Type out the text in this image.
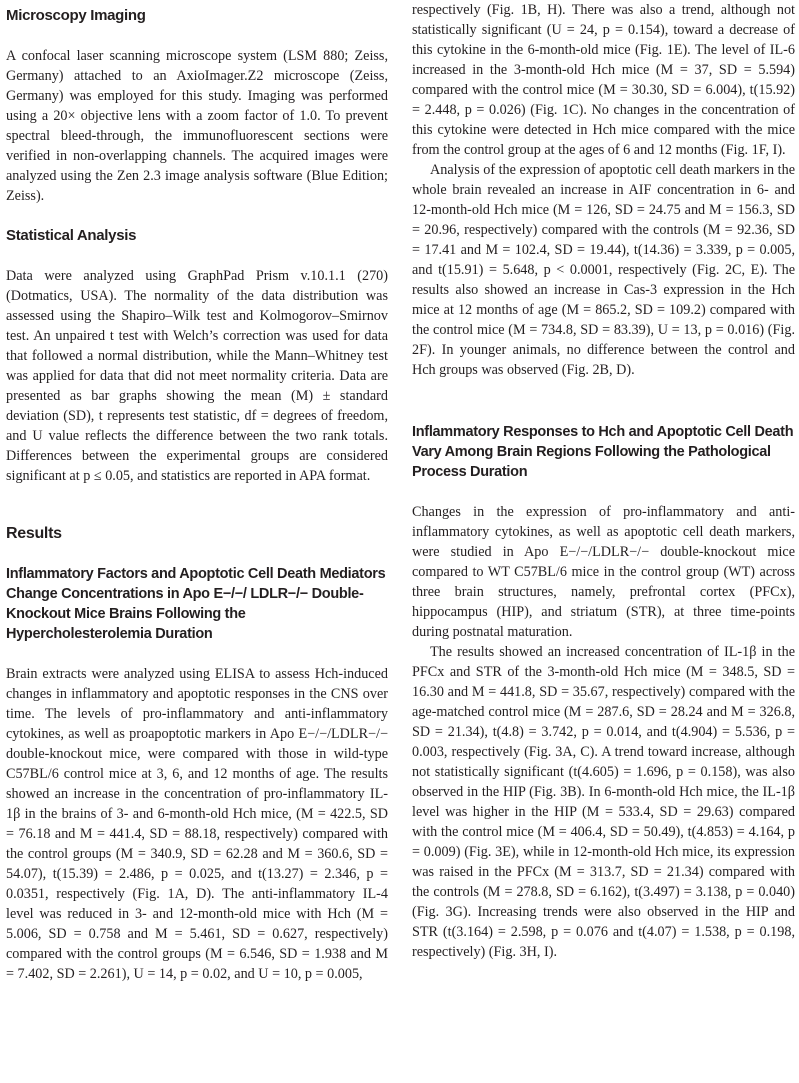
Microscopy Imaging

A confocal laser scanning microscope system (LSM 880; Zeiss, Germany) attached to an AxioImager.Z2 microscope (Zeiss, Germany) was employed for this study. Imaging was performed using a 20× objective lens with a zoom factor of 1.0. To prevent spectral bleed-through, the immunofluorescent sections were verified in non-overlapping channels. The acquired images were analyzed using the Zen 2.3 image analysis software (Blue Edition; Zeiss).

Statistical Analysis

Data were analyzed using GraphPad Prism v.10.1.1 (270) (Dotmatics, USA). The normality of the data distribution was assessed using the Shapiro–Wilk test and Kolmogorov–Smirnov test. An unpaired t test with Welch’s correction was used for data that followed a normal distribution, while the Mann–Whitney test was applied for data that did not meet normality criteria. Data are presented as bar graphs showing the mean (M) ± standard deviation (SD), t represents test statistic, df = degrees of freedom, and U value reflects the difference between the two rank totals. Differences between the experimental groups are considered significant at p ≤ 0.05, and statistics are reported in APA format.

Results
Inflammatory Factors and Apoptotic Cell Death Mediators Change Concentrations in Apo E−/−/ LDLR−/− Double-Knockout Mice Brains Following the Hypercholesterolemia Duration

Brain extracts were analyzed using ELISA to assess Hch-induced changes in inflammatory and apoptotic responses in the CNS over time. The levels of pro-inflammatory and anti-inflammatory cytokines, as well as proapoptotic markers in Apo E−/−/LDLR−/− double-knockout mice, were compared with those in wild-type C57BL/6 control mice at 3, 6, and 12 months of age. The results showed an increase in the concentration of pro-inflammatory IL-1β in the brains of 3- and 6-month-old Hch mice, (M = 422.5, SD = 76.18 and M = 441.4, SD = 88.18, respectively) compared with the control groups (M = 340.9, SD = 62.28 and M = 360.6, SD = 54.07), t(15.39) = 2.486, p = 0.025, and t(13.27) = 2.346, p = 0.0351, respectively (Fig. 1A, D). The anti-inflammatory IL-4 level was reduced in 3- and 12-month-old mice with Hch (M = 5.006, SD = 0.758 and M = 5.461, SD = 0.627, respectively) compared with the control groups (M = 6.546, SD = 1.938 and M = 7.402, SD = 2.261), U = 14, p = 0.02, and U = 10, p = 0.005,

respectively (Fig. 1B, H). There was also a trend, although not statistically significant (U = 24, p = 0.154), toward a decrease of this cytokine in the 6-month-old mice (Fig. 1E). The level of IL-6 increased in the 3-month-old Hch mice (M = 37, SD = 5.594) compared with the control mice (M = 30.30, SD = 6.004), t(15.92) = 2.448, p = 0.026) (Fig. 1C). No changes in the concentration of this cytokine were detected in Hch mice compared with the mice from the control group at the ages of 6 and 12 months (Fig. 1F, I).

Analysis of the expression of apoptotic cell death markers in the whole brain revealed an increase in AIF concentration in 6- and 12-month-old Hch mice (M = 126, SD = 24.75 and M = 156.3, SD = 20.96, respectively) compared with the controls (M = 92.36, SD = 17.41 and M = 102.4, SD = 19.44), t(14.36) = 3.339, p = 0.005, and t(15.91) = 5.648, p < 0.0001, respectively (Fig. 2C, E). The results also showed an increase in Cas-3 expression in the Hch mice at 12 months of age (M = 865.2, SD = 109.2) compared with the control mice (M = 734.8, SD = 83.39), U = 13, p = 0.016) (Fig. 2F). In younger animals, no difference between the control and Hch groups was observed (Fig. 2B, D).

Inflammatory Responses to Hch and Apoptotic Cell Death Vary Among Brain Regions Following the Pathological Process Duration

Changes in the expression of pro-inflammatory and anti-inflammatory cytokines, as well as apoptotic cell death markers, were studied in Apo E−/−/LDLR−/− double-knockout mice compared to WT C57BL/6 mice in the control group (WT) across three brain structures, namely, prefrontal cortex (PFCx), hippocampus (HIP), and striatum (STR), at three time-points during postnatal maturation.

The results showed an increased concentration of IL-1β in the PFCx and STR of the 3-month-old Hch mice (M = 348.5, SD = 16.30 and M = 441.8, SD = 35.67, respectively) compared with the age-matched control mice (M = 287.6, SD = 28.24 and M = 326.8, SD = 21.34), t(4.8) = 3.742, p = 0.014, and t(4.904) = 5.536, p = 0.003, respectively (Fig. 3A, C). A trend toward increase, although not statistically significant (t(4.605) = 1.696, p = 0.158), was also observed in the HIP (Fig. 3B). In 6-month-old Hch mice, the IL-1β level was higher in the HIP (M = 533.4, SD = 29.63) compared with the control mice (M = 406.4, SD = 50.49), t(4.853) = 4.164, p = 0.009) (Fig. 3E), while in 12-month-old Hch mice, its expression was raised in the PFCx (M = 313.7, SD = 21.34) compared with the controls (M = 278.8, SD = 6.162), t(3.497) = 3.138, p = 0.040) (Fig. 3G). Increasing trends were also observed in the HIP and STR (t(3.164) = 2.598, p = 0.076 and t(4.07) = 1.538, p = 0.198, respectively) (Fig. 3H, I).
